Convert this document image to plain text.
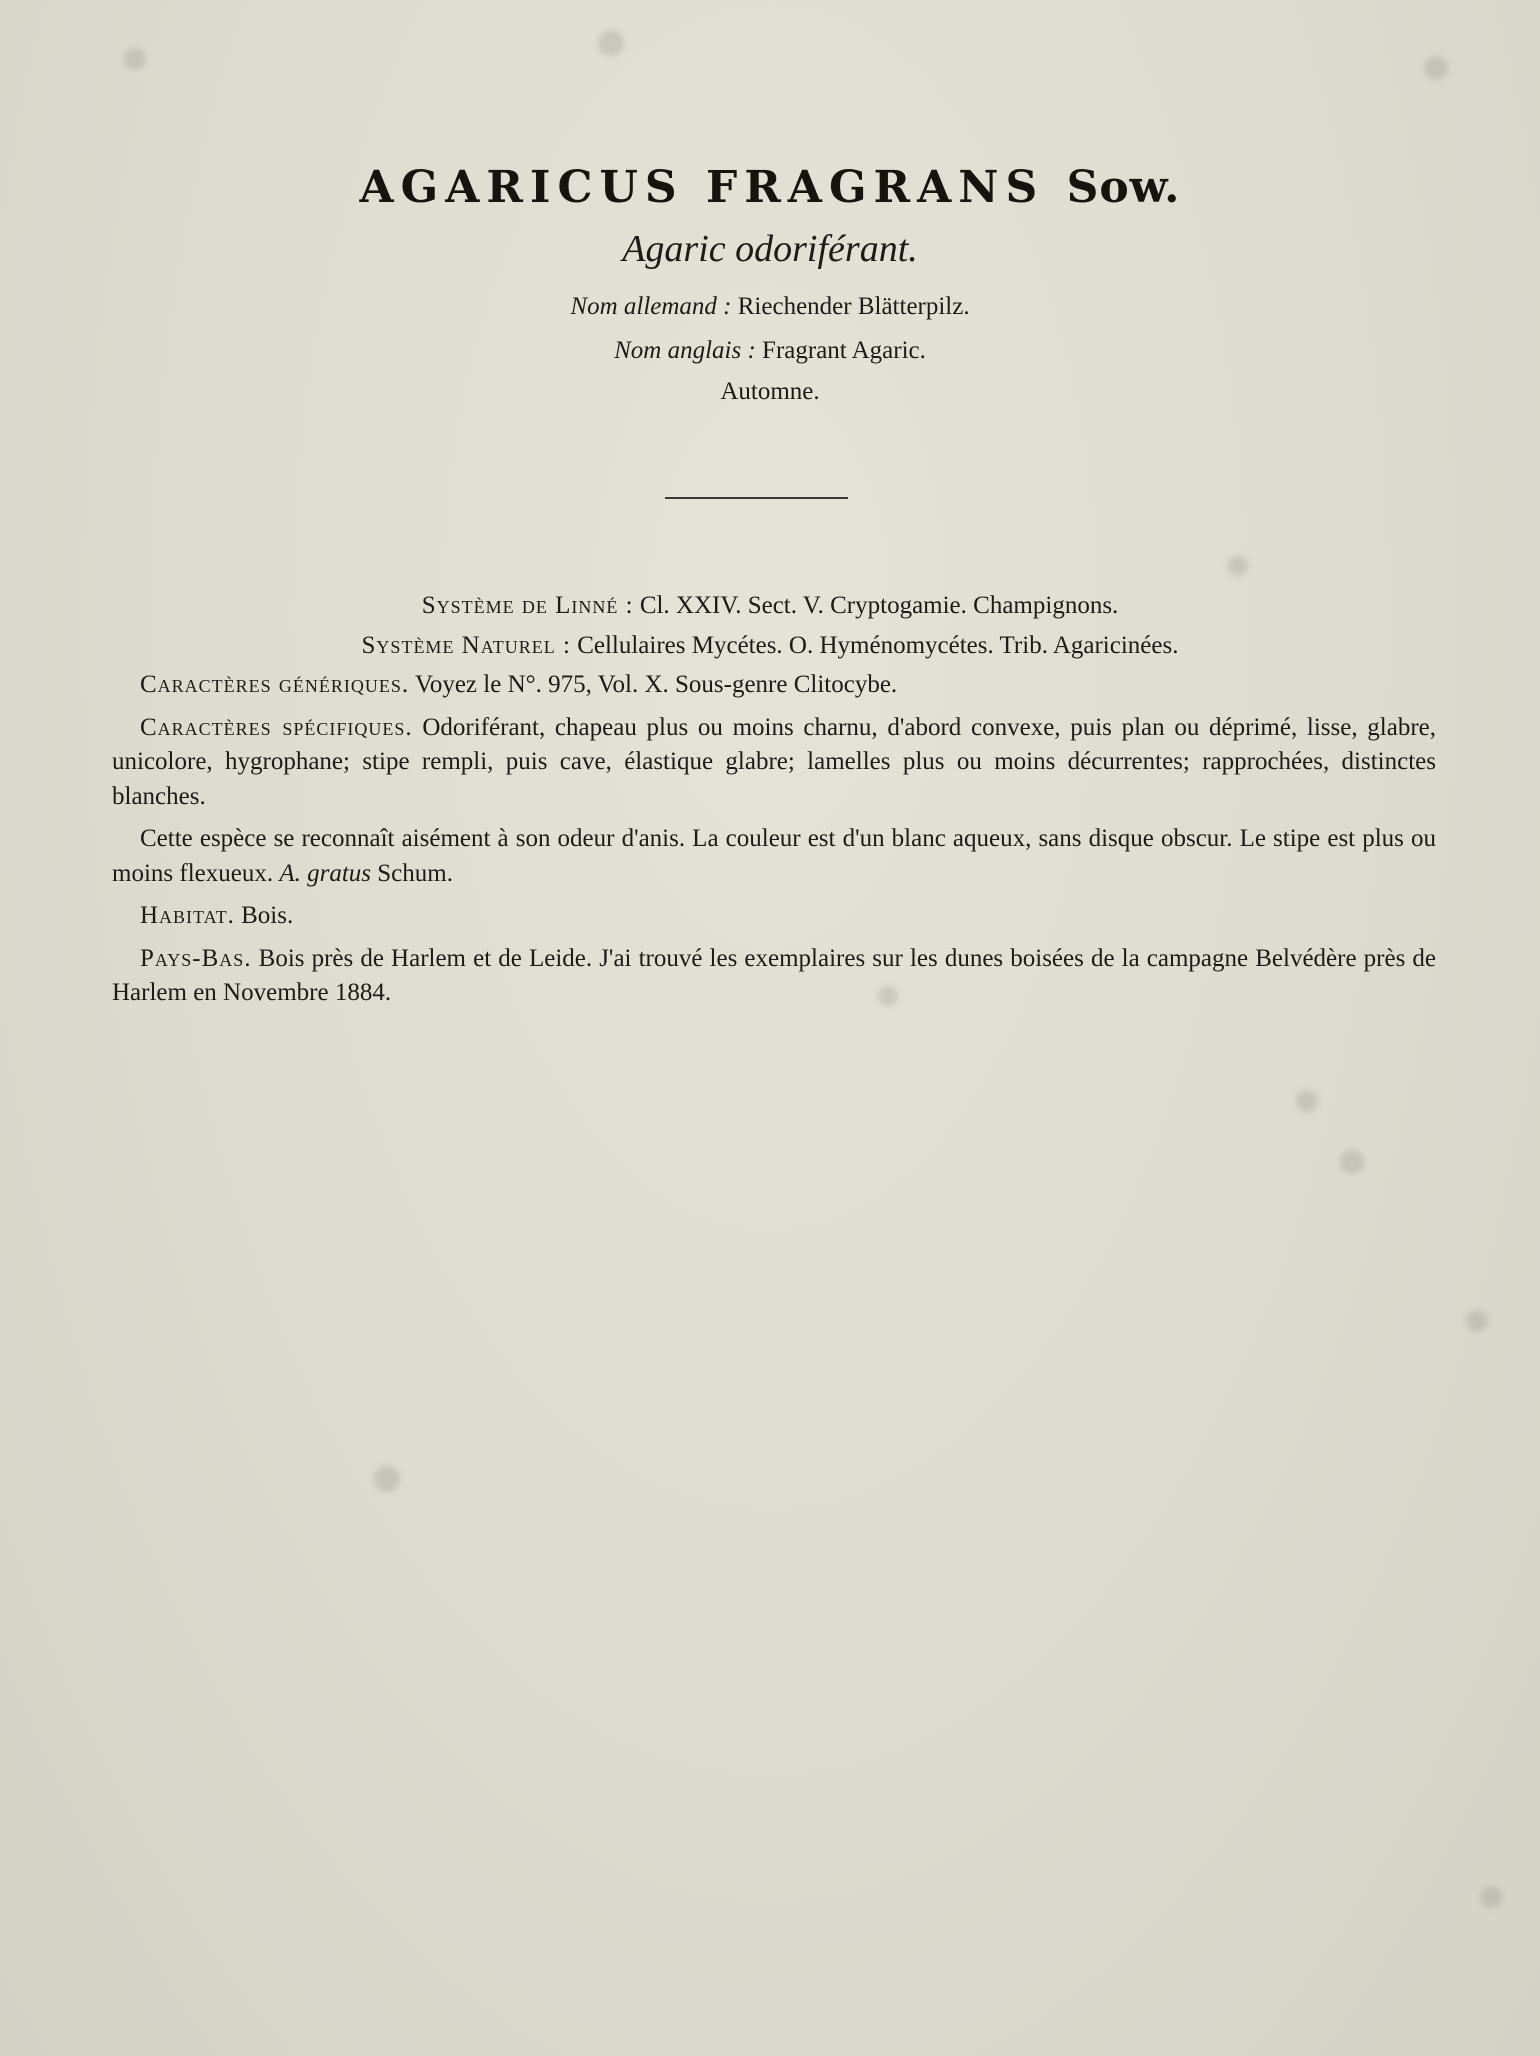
AGARICUS FRAGRANS Sow.
Agaric odoriférant.
Nom allemand : Riechender Blätterpilz.
Nom anglais : Fragrant Agaric.
Automne.
Système de Linné : Cl. XXIV. Sect. V. Cryptogamie. Champignons.
Système Naturel : Cellulaires Mycétes. O. Hyménomycétes. Trib. Agaricinées.

Caractères génériques. Voyez le N°. 975, Vol. X. Sous-genre Clitocybe.

Caractères spécifiques. Odoriférant, chapeau plus ou moins charnu, d'abord convexe, puis plan ou déprimé, lisse, glabre, unicolore, hygrophane; stipe rempli, puis cave, élastique glabre; lamelles plus ou moins décurrentes; rapprochées, distinctes blanches.

Cette espèce se reconnaît aisément à son odeur d'anis. La couleur est d'un blanc aqueux, sans disque obscur. Le stipe est plus ou moins flexueux. A. gratus Schum.

Habitat. Bois.

Pays-Bas. Bois près de Harlem et de Leide. J'ai trouvé les exemplaires sur les dunes boisées de la campagne Belvédère près de Harlem en Novembre 1884.
